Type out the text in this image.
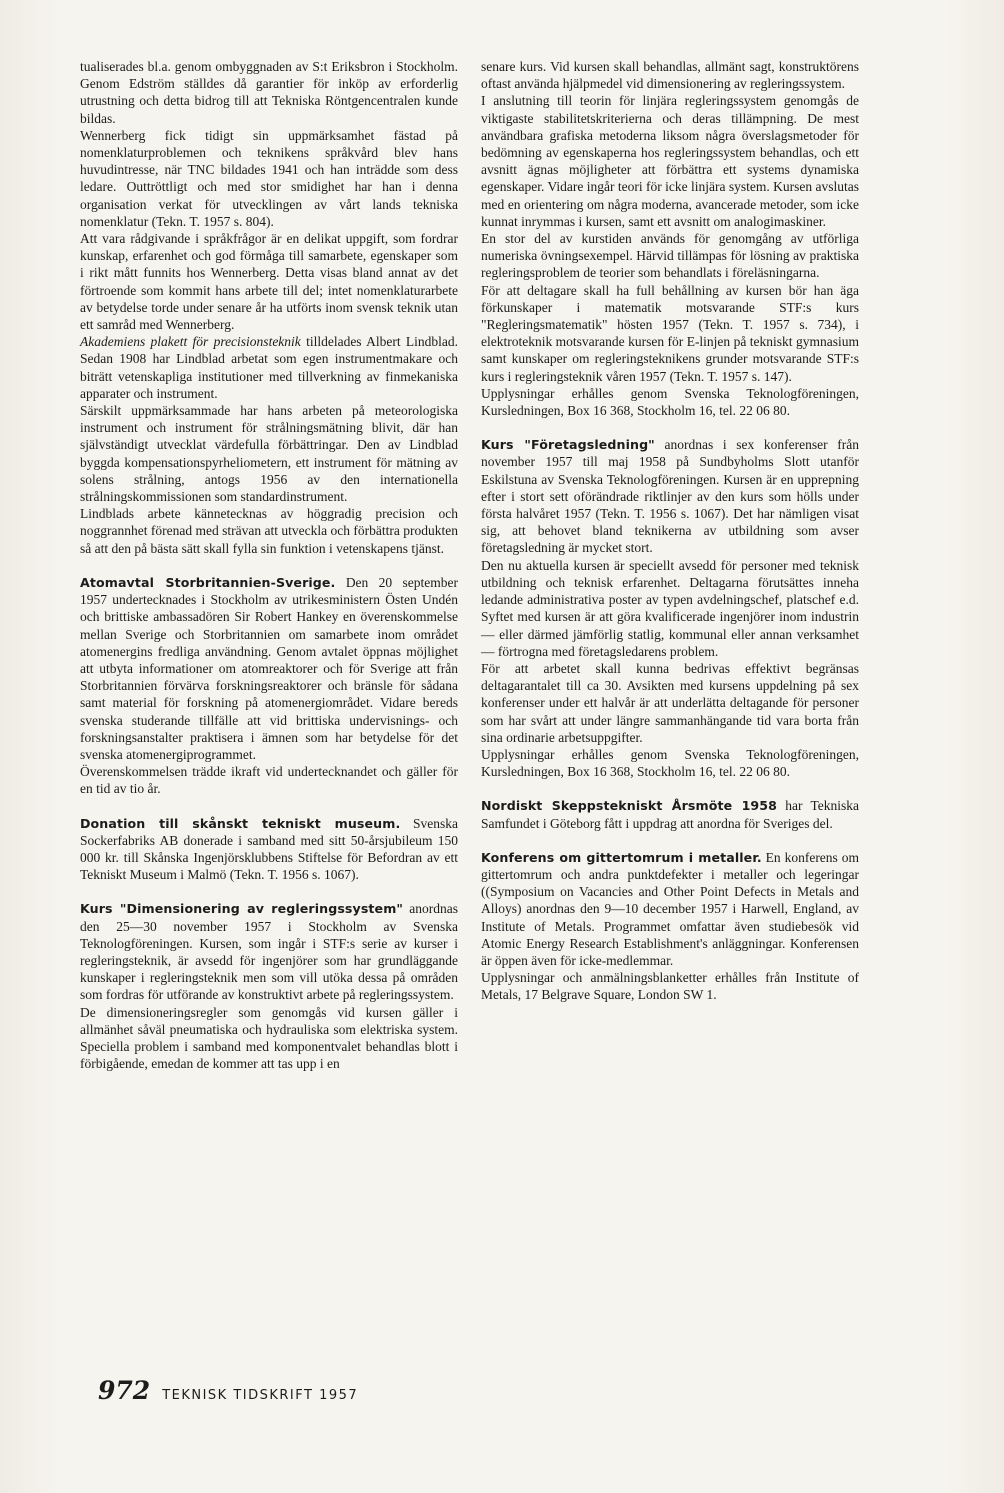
tualiserades bl.a. genom ombyggnaden av S:t Eriksbron i Stockholm. Genom Edström ställdes då garantier för inköp av erforderlig utrustning och detta bidrog till att Tekniska Röntgencentralen kunde bildas.

Wennerberg fick tidigt sin uppmärksamhet fästad på nomenklaturproblemen och teknikens språkvård blev hans huvudintresse, när TNC bildades 1941 och han inträdde som dess ledare. Outtröttligt och med stor smidighet har han i denna organisation verkat för utvecklingen av vårt lands tekniska nomenklatur (Tekn. T. 1957 s. 804).

Att vara rådgivande i språkfrågor är en delikat uppgift, som fordrar kunskap, erfarenhet och god förmåga till samarbete, egenskaper som i rikt mått funnits hos Wennerberg. Detta visas bland annat av det förtroende som kommit hans arbete till del; intet nomenklaturarbete av betydelse torde under senare år ha utförts inom svensk teknik utan ett samråd med Wennerberg.

Akademiens plakett för precisionsteknik tilldelades Albert Lindblad. Sedan 1908 har Lindblad arbetat som egen instrumentmakare och biträtt vetenskapliga institutioner med tillverkning av finmekaniska apparater och instrument.

Särskilt uppmärksammade har hans arbeten på meteorologiska instrument och instrument för strålningsmätning blivit, där han självständigt utvecklat värdefulla förbättringar. Den av Lindblad byggda kompensationspyrheliometern, ett instrument för mätning av solens strålning, antogs 1956 av den internationella strålningskommissionen som standardinstrument.

Lindblads arbete kännetecknas av höggradig precision och noggrannhet förenad med strävan att utveckla och förbättra produkten så att den på bästa sätt skall fylla sin funktion i vetenskapens tjänst.

Atomavtal Storbritannien-Sverige. Den 20 september 1957 undertecknades i Stockholm av utrikesministern Östen Undén och brittiske ambassadören Sir Robert Hankey en överenskommelse mellan Sverige och Storbritannien om samarbete inom området atomenergins fredliga användning. Genom avtalet öppnas möjlighet att utbyta informationer om atomreaktorer och för Sverige att från Storbritannien förvärva forskningsreaktorer och bränsle för sådana samt material för forskning på atomenergiområdet. Vidare bereds svenska studerande tillfälle att vid brittiska undervisnings- och forskningsanstalter praktisera i ämnen som har betydelse för det svenska atomenergiprogrammet.

Överenskommelsen trädde ikraft vid undertecknandet och gäller för en tid av tio år.

Donation till skånskt tekniskt museum. Svenska Sockerfabriks AB donerade i samband med sitt 50-årsjubileum 150 000 kr. till Skånska Ingenjörsklubbens Stiftelse för Befordran av ett Tekniskt Museum i Malmö (Tekn. T. 1956 s. 1067).

Kurs "Dimensionering av regleringssystem" anordnas den 25—30 november 1957 i Stockholm av Svenska Teknologföreningen. Kursen, som ingår i STF:s serie av kurser i regleringsteknik, är avsedd för ingenjörer som har grundläggande kunskaper i regleringsteknik men som vill utöka dessa på områden som fordras för utförande av konstruktivt arbete på regleringssystem.

De dimensioneringsregler som genomgås vid kursen gäller i allmänhet såväl pneumatiska och hydrauliska som elektriska system. Speciella problem i samband med komponentvalet behandlas blott i förbigående, emedan de kommer att tas upp i en

senare kurs. Vid kursen skall behandlas, allmänt sagt, konstruktörens oftast använda hjälpmedel vid dimensionering av regleringssystem.

I anslutning till teorin för linjära regleringssystem genomgås de viktigaste stabilitetskriterierna och deras tillämpning. De mest användbara grafiska metoderna liksom några överslagsmetoder för bedömning av egenskaperna hos regleringssystem behandlas, och ett avsnitt ägnas möjligheter att förbättra ett systems dynamiska egenskaper. Vidare ingår teori för icke linjära system. Kursen avslutas med en orientering om några moderna, avancerade metoder, som icke kunnat inrymmas i kursen, samt ett avsnitt om analogimaskiner.

En stor del av kurstiden används för genomgång av utförliga numeriska övningsexempel. Härvid tillämpas för lösning av praktiska regleringsproblem de teorier som behandlats i föreläsningarna.

För att deltagare skall ha full behållning av kursen bör han äga förkunskaper i matematik motsvarande STF:s kurs "Regleringsmatematik" hösten 1957 (Tekn. T. 1957 s. 734), i elektroteknik motsvarande kursen för E-linjen på tekniskt gymnasium samt kunskaper om regleringsteknikens grunder motsvarande STF:s kurs i regleringsteknik våren 1957 (Tekn. T. 1957 s. 147).

Upplysningar erhålles genom Svenska Teknologföreningen, Kursledningen, Box 16 368, Stockholm 16, tel. 22 06 80.

Kurs "Företagsledning" anordnas i sex konferenser från november 1957 till maj 1958 på Sundbyholms Slott utanför Eskilstuna av Svenska Teknologföreningen. Kursen är en upprepning efter i stort sett oförändrade riktlinjer av den kurs som hölls under första halvåret 1957 (Tekn. T. 1956 s. 1067). Det har nämligen visat sig, att behovet bland teknikerna av utbildning som avser företagsledning är mycket stort.

Den nu aktuella kursen är speciellt avsedd för personer med teknisk utbildning och teknisk erfarenhet. Deltagarna förutsättes inneha ledande administrativa poster av typen avdelningschef, platschef e.d. Syftet med kursen är att göra kvalificerade ingenjörer inom industrin — eller därmed jämförlig statlig, kommunal eller annan verksamhet — förtrogna med företagsledarens problem.

För att arbetet skall kunna bedrivas effektivt begränsas deltagarantalet till ca 30. Avsikten med kursens uppdelning på sex konferenser under ett halvår är att underlätta deltagande för personer som har svårt att under längre sammanhängande tid vara borta från sina ordinarie arbetsuppgifter.

Upplysningar erhålles genom Svenska Teknologföreningen, Kursledningen, Box 16 368, Stockholm 16, tel. 22 06 80.

Nordiskt Skeppstekniskt Årsmöte 1958 har Tekniska Samfundet i Göteborg fått i uppdrag att anordna för Sveriges del.

Konferens om gittertomrum i metaller. En konferens om gittertomrum och andra punktdefekter i metaller och legeringar ((Symposium on Vacancies and Other Point Defects in Metals and Alloys) anordnas den 9—10 december 1957 i Harwell, England, av Institute of Metals. Programmet omfattar även studiebesök vid Atomic Energy Research Establishment's anläggningar. Konferensen är öppen även för icke-medlemmar.

Upplysningar och anmälningsblanketter erhålles från Institute of Metals, 17 Belgrave Square, London SW 1.

972 TEKNISK TIDSKRIFT 1957
